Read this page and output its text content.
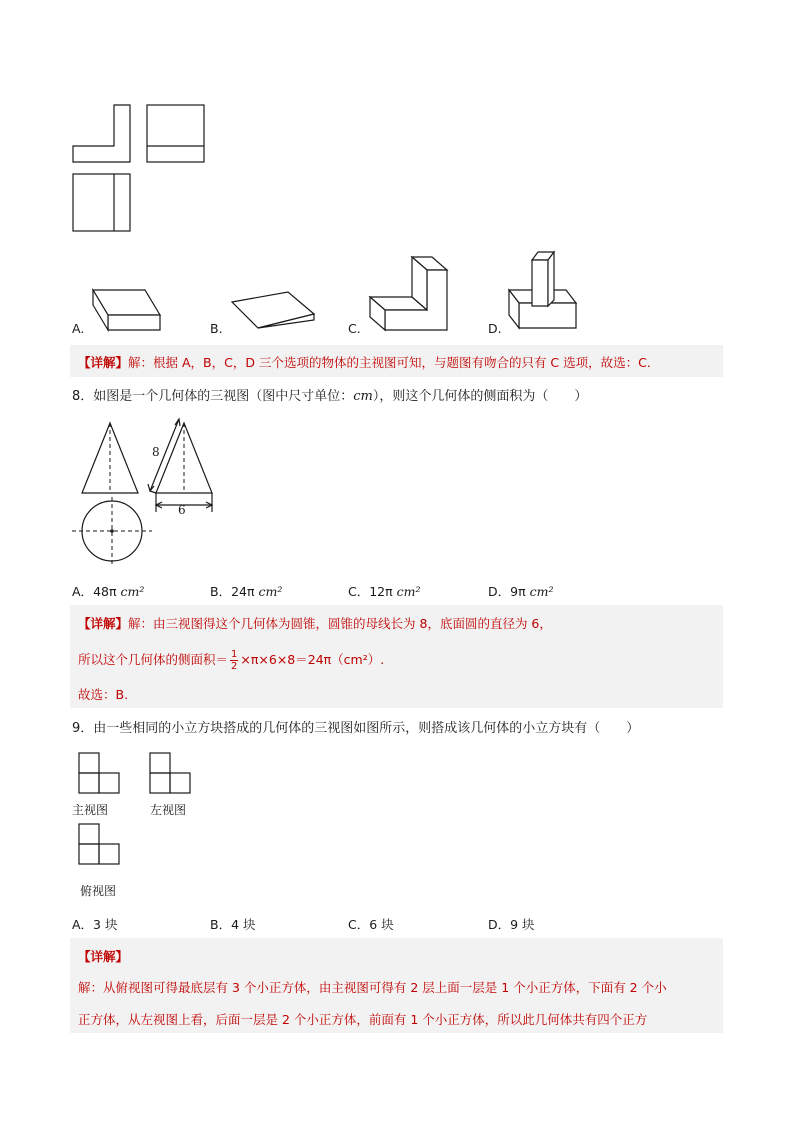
A.	B.	C.	D.
【详解】解：根据 A，B，C，D 三个选项的物体的主视图可知，与题图有吻合的只有 C 选项，故选：C.
8．如图是一个几何体的三视图（图中尺寸单位：cm），则这个几何体的侧面积为（　　）
8
6
A．48π cm²	B．24π cm²	C．12π cm²	D．9π cm²
【详解】解：由三视图得这个几何体为圆锥，圆锥的母线长为 8，底面圆的直径为 6，
所以这个几何体的侧面积＝ $\frac{1}{2} \times\pi\times 6\times 8=24\pi(cm^2)$.
故选：B.
9．由一些相同的小立方块搭成的几何体的三视图如图所示，则搭成该几何体的小立方块有（　　）
主视图	左视图
俯视图
A．3 块	B．4 块	C．6 块	D．9 块
【详解】
解：从俯视图可得最底层有 3 个小正方体，由主视图可得有 2 层上面一层是 1 个小正方体，下面有 2 个小
正方体，从左视图上看，后面一层是 2 个小正方体，前面有 1 个小正方体，所以此几何体共有四个正方
